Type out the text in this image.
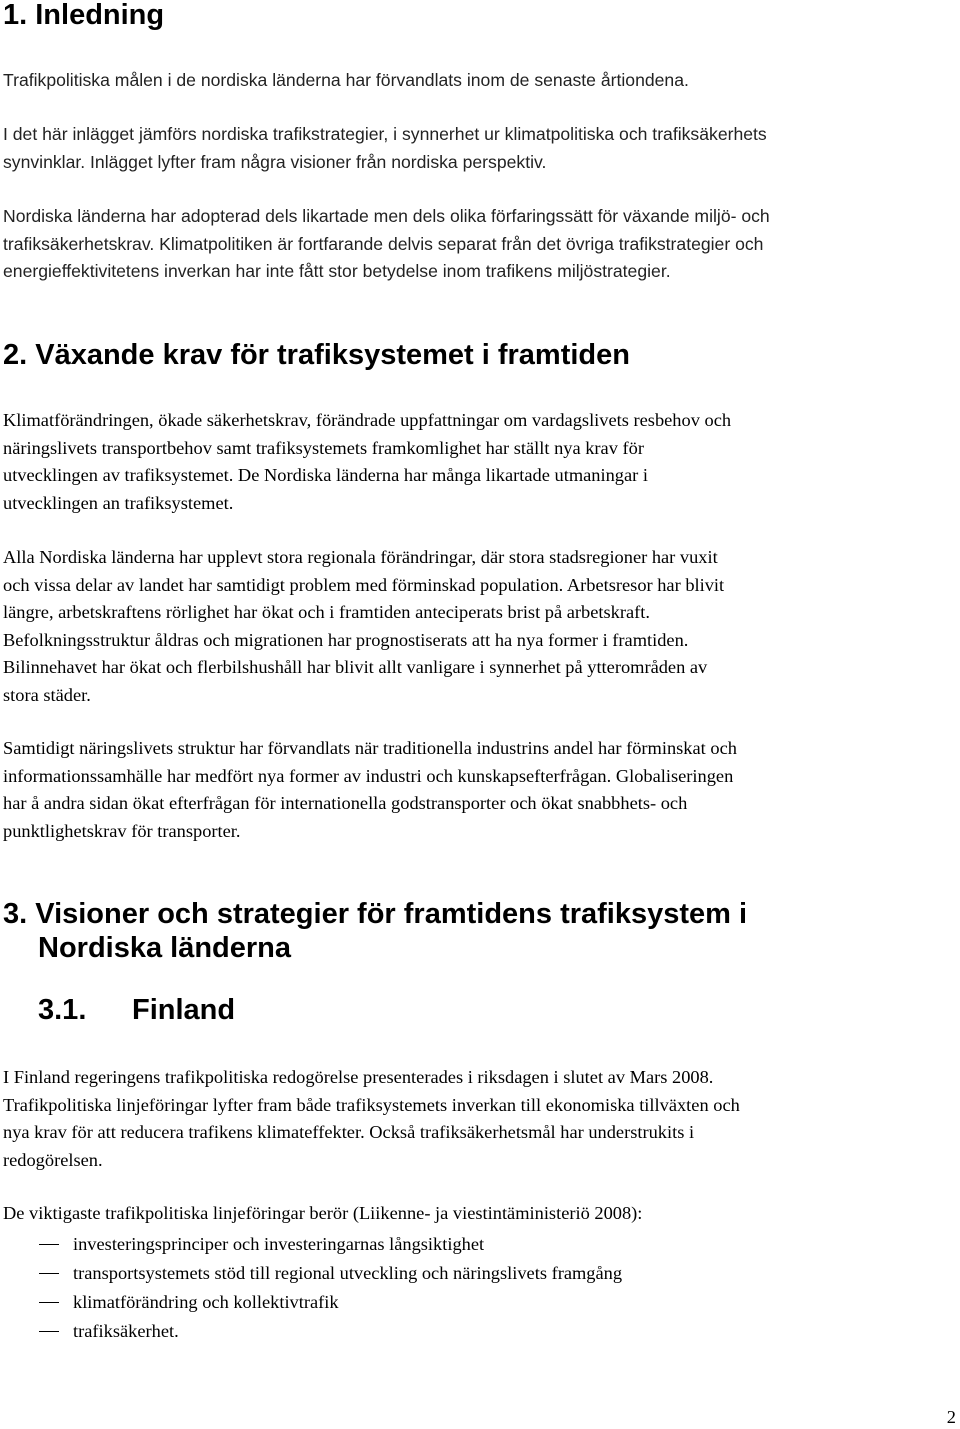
1. Inledning

Trafikpolitiska målen i de nordiska länderna har förvandlats inom de senaste årtiondena.

I det här inlägget jämförs nordiska trafikstrategier, i synnerhet ur klimatpolitiska och trafiksäkerhets
synvinklar. Inlägget lyfter fram några visioner från nordiska perspektiv.

Nordiska länderna har adopterad dels likartade men dels olika förfaringssätt för växande miljö- och
trafiksäkerhetskrav. Klimatpolitiken är fortfarande delvis separat från det övriga trafikstrategier och
energieffektivitetens inverkan har inte fått stor betydelse inom trafikens miljöstrategier.

2. Växande krav för trafiksystemet i framtiden

Klimatförändringen, ökade säkerhetskrav, förändrade uppfattningar om vardagslivets resbehov och
näringslivets transportbehov samt trafiksystemets framkomlighet har ställt nya krav för
utvecklingen av trafiksystemet. De Nordiska länderna har många likartade utmaningar i
utvecklingen an trafiksystemet.

Alla Nordiska länderna har upplevt stora regionala förändringar, där stora stadsregioner har vuxit
och vissa delar av landet har samtidigt problem med förminskad population. Arbetsresor har blivit
längre, arbetskraftens rörlighet har ökat och i framtiden anteciperats brist på arbetskraft.
Befolkningsstruktur åldras och migrationen har prognostiserats att ha nya former i framtiden.
Bilinnehavet har ökat och flerbilshushåll har blivit allt vanligare i synnerhet på ytterområden av
stora städer.

Samtidigt näringslivets struktur har förvandlats när traditionella industrins andel har förminskat och
informationssamhälle har medfört nya former av industri och kunskapsefterfrågan. Globaliseringen
har å andra sidan ökat efterfrågan för internationella godstransporter och ökat snabbhets- och
punktlighetskrav för transporter.

3. Visioner och strategier för framtidens trafiksystem i
Nordiska länderna
3.1. Finland

I Finland regeringens trafikpolitiska redogörelse presenterades i riksdagen i slutet av Mars 2008.
Trafikpolitiska linjeföringar lyfter fram både trafiksystemets inverkan till ekonomiska tillväxten och
nya krav för att reducera trafikens klimateffekter. Också trafiksäkerhetsmål har understrukits i
redogörelsen.

De viktigaste trafikpolitiska linjeföringar berör (Liikenne- ja viestintäministeriö 2008):

investeringsprinciper och investeringarnas långsiktighet
transportsystemets stöd till regional utveckling och näringslivets framgång
klimatförändring och kollektivtrafik
trafiksäkerhet.
2
